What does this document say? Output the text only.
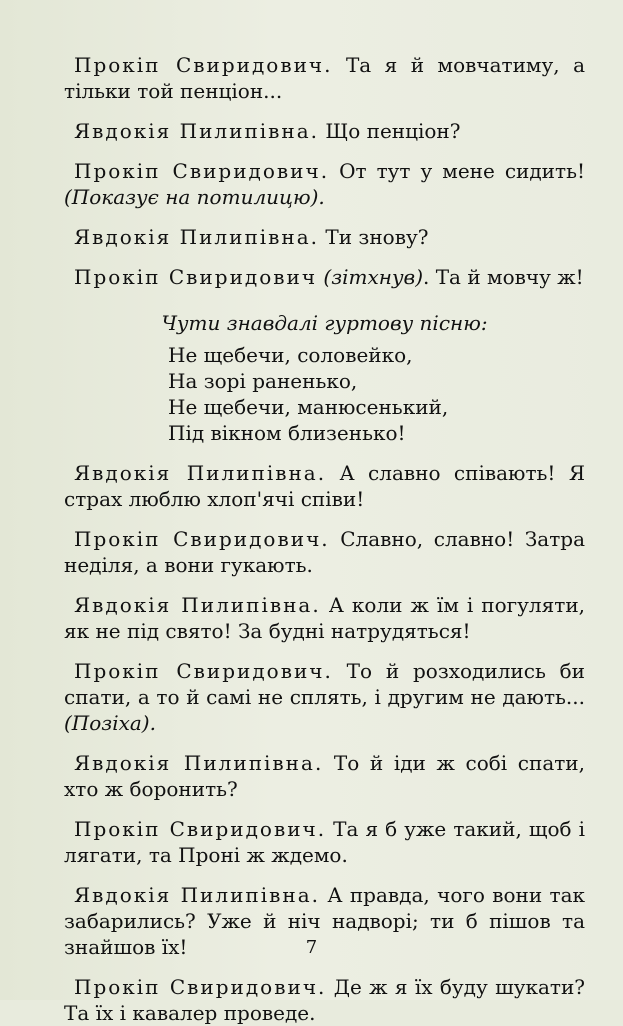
Прокіп Свиридович. Та я й мовчатиму, а тільки той пенціон...

Явдокія Пилипівна. Що пенціон?

Прокіп Свиридович. От тут у мене сидить! (Показує на потилицю).

Явдокія Пилипівна. Ти знову?

Прокіп Свиридович (зітхнув). Та й мовчу ж!

Чути знавдалі гуртову пісню:
Не щебечи, соловейко,
На зорі раненько,
Не щебечи, манюсенький,
Під вікном близенько!

Явдокія Пилипівна. А славно співають! Я страх люблю хлоп'ячі співи!

Прокіп Свиридович. Славно, славно! Затра неділя, а вони гукають.

Явдокія Пилипівна. А коли ж їм і погуляти, як не під свято! За будні натрудяться!

Прокіп Свиридович. То й розходились би спати, а то й самі не сплять, і другим не дають... (Позіха).

Явдокія Пилипівна. То й іди ж собі спати, хто ж боронить?

Прокіп Свиридович. Та я б уже такий, щоб і лягати, та Проні ж ждемо.

Явдокія Пилипівна. А правда, чого вони так забарились? Уже й ніч надворі; ти б пішов та знайшов їх!

Прокіп Свиридович. Де ж я їх буду шукати? Та їх і кавалер проведе.

7
